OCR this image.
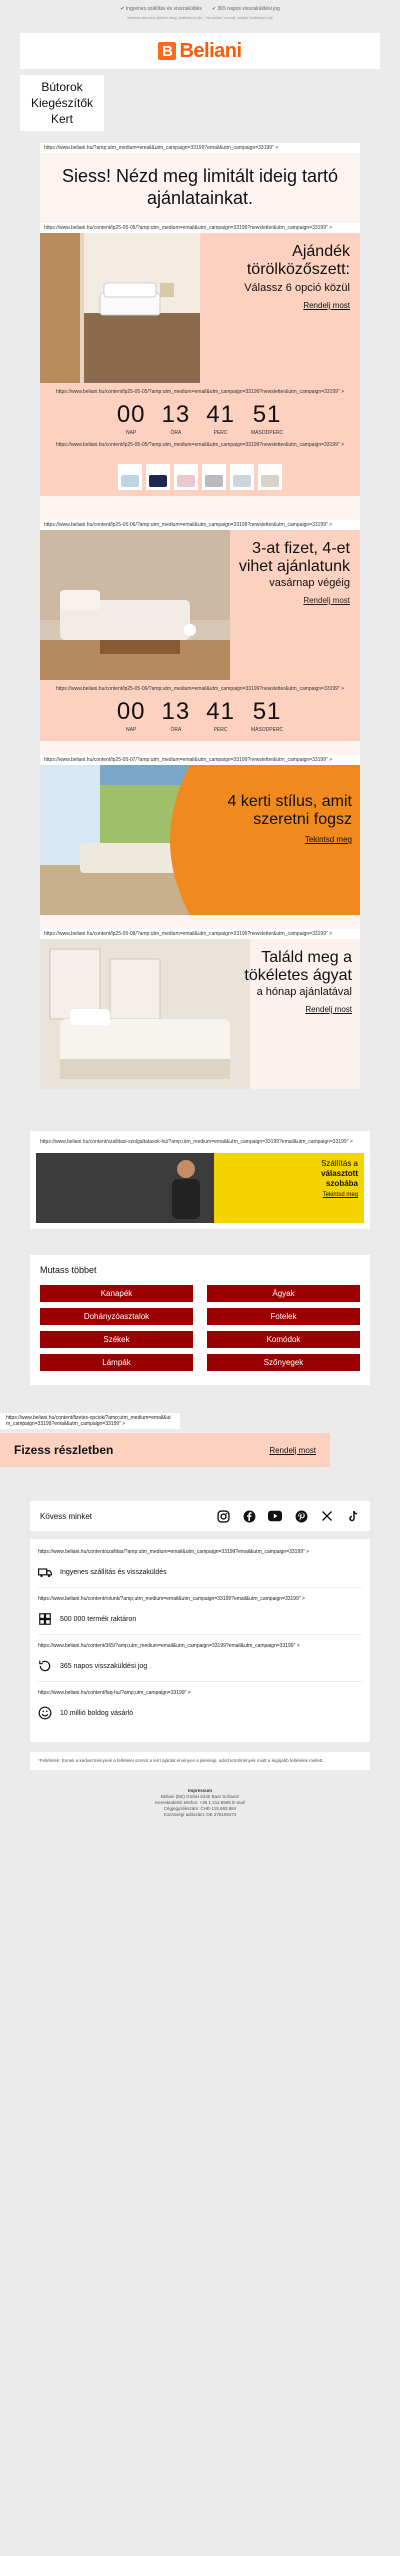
✔ Ingyenes szállítás és visszaküldés	✔ 365 napos visszaküldési jog
Webverziót nem jelenít meg, kattintson ide | Ha online verziót, kérjük kattintson ide
B Beliani
Bútorok
Kiegészítők
Kert
https://www.beliani.hu/?amp;utm_medium=email&utm_campaign=33199?email&utm_campaign=33199" >
Siess! Nézd meg limitált ideig tartó ajánlatainkat.
https://www.beliani.hu/content/lp25-05-05/?amp;utm_medium=email&utm_campaign=33199?newsletter&utm_campaign=33199" >
Ajándék törölközőszett:
Válassz 6 opció közül
Rendelj most
https://www.beliani.hu/content/lp25-05-05/?amp;utm_medium=email&utm_campaign=33199?newsletter&utm_campaign=33199" >
00
NAP
13
ÓRA
41
PERC
51
MÁSODPERC
https://www.beliani.hu/content/lp25-05-05/?amp;utm_medium=email&utm_campaign=33199?newsletter&utm_campaign=33199" >
https://www.beliani.hu/content/lp25-05-06/?amp;utm_medium=email&utm_campaign=33199?newsletter&utm_campaign=33199" >
3-at fizet, 4-et vihet ajánlatunk
vasárnap végéig
Rendelj most
https://www.beliani.hu/content/lp25-05-06/?amp;utm_medium=email&utm_campaign=33199?newsletter&utm_campaign=33199" >
00
NAP
13
ÓRA
41
PERC
51
MÁSODPERC
https://www.beliani.hu/content/lp25-05-07/?amp;utm_medium=email&utm_campaign=33199?newsletter&utm_campaign=33199" >
4 kerti stílus, amit szeretni fogsz
Tekintsd meg
https://www.beliani.hu/content/lp25-05-08/?amp;utm_medium=email&utm_campaign=33199?newsletter&utm_campaign=33199" >
Találd meg a tökéletes ágyat
a hónap ajánlatával
Rendelj most
https://www.beliani.hu/content/szallitasi-szolgaltatasok-hu/?amp;utm_medium=email&utm_campaign=33199?email&utm_campaign=33199" >
Szállítás a
választott
szobába
Tekintsd meg
Mutass többet
Kanapék	Ágyak
Dohányzóasztalok	Fotelek
Székek	Komódok
Lámpák	Szőnyegek
https://www.beliani.hu/content/fizetes-opciok/?amp;utm_medium=email&utm_campaign=33199?email&utm_campaign=33199" >
Fizess részletben	Rendelj most
Kövess minket
https://www.beliani.hu/content/szallitas/?amp;utm_medium=email&utm_campaign=33199?email&utm_campaign=33199" >
Ingyenes szállítás és visszaküldés
https://www.beliani.hu/content/rolunk/?amp;utm_medium=email&utm_campaign=33199?email&utm_campaign=33199" >
500 000 termék raktáron
https://www.beliani.hu/content/365/?amp;utm_medium=email&utm_campaign=33199?email&utm_campaign=33199" >
365 napos visszaküldési jog
https://www.beliani.hu/content/faq-hu/?amp;utm_campaign=33199" >
10 millió boldog vásárló
*Feltételek: Ennek a kedvezménynek a feltételei szerint a leírt ajánlat érvényes a jelenlegi, adott körülmények miatt a legújabb feltételek mellett.
Impressum
Beliani (DE) GmbH 6340 Baar Schweiz
Kereskedelmi telefon: +36 1 211-8596 E-mail
Cégjegyzékszám: CHE-115.693.884
Közösségi adószám: DE 276106472
